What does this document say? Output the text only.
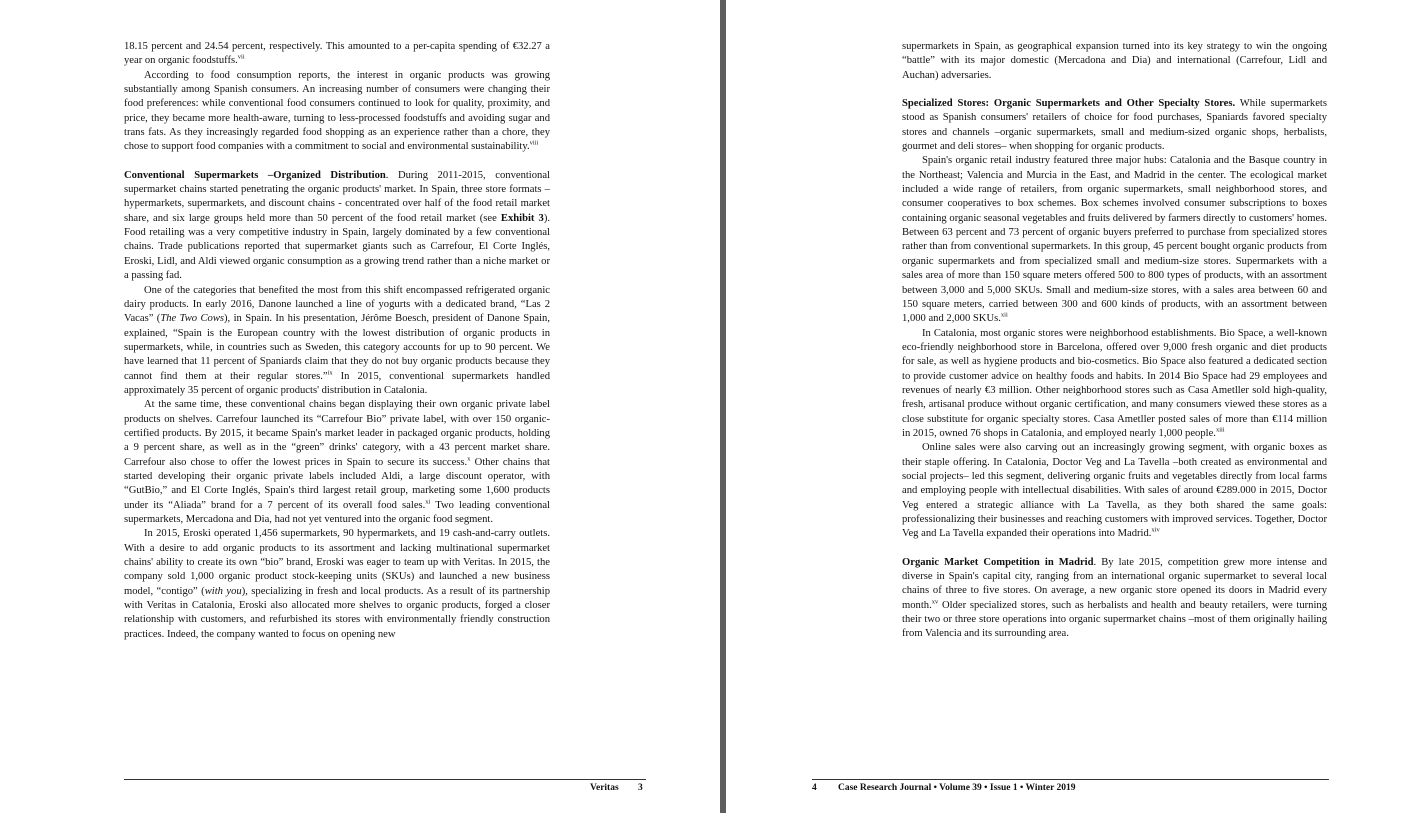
18.15 percent and 24.54 percent, respectively. This amounted to a per-capita spending of €32.27 a year on organic foodstuffs.$^{vii}$

According to food consumption reports, the interest in organic products was growing substantially among Spanish consumers. An increasing number of consumers were changing their food preferences: while conventional food consumers continued to look for quality, proximity, and price, they became more health-aware, turning to less-processed foodstuffs and avoiding sugar and trans fats. As they increasingly regarded food shopping as an experience rather than a chore, they chose to support food companies with a commitment to social and environmental sustainability.$^{viii}$

Conventional Supermarkets –Organized Distribution. During 2011-2015, conventional supermarket chains started penetrating the organic products' market. In Spain, three store formats –hypermarkets, supermarkets, and discount chains - concentrated over half of the food retail market share, and six large groups held more than 50 percent of the food retail market (see Exhibit 3). Food retailing was a very competitive industry in Spain, largely dominated by a few conventional chains. Trade publications reported that supermarket giants such as Carrefour, El Corte Inglés, Eroski, Lidl, and Aldi viewed organic consumption as a growing trend rather than a niche market or a passing fad.

One of the categories that benefited the most from this shift encompassed refrigerated organic dairy products. In early 2016, Danone launched a line of yogurts with a dedicated brand, “Las 2 Vacas” (The Two Cows), in Spain. In his presentation, Jérôme Boesch, president of Danone Spain, explained, “Spain is the European country with the lowest distribution of organic products in supermarkets, while, in countries such as Sweden, this category accounts for up to 90 percent. We have learned that 11 percent of Spaniards claim that they do not buy organic products because they cannot find them at their regular stores.”$^{ix}$ In 2015, conventional supermarkets handled approximately 35 percent of organic products' distribution in Catalonia.

At the same time, these conventional chains began displaying their own organic private label products on shelves. Carrefour launched its “Carrefour Bio” private label, with over 150 organic-certified products. By 2015, it became Spain's market leader in packaged organic products, holding a 9 percent share, as well as in the “green” drinks' category, with a 43 percent market share. Carrefour also chose to offer the lowest prices in Spain to secure its success.$^x$ Other chains that started developing their organic private labels included Aldi, a large discount operator, with “GutBio,” and El Corte Inglés, Spain's third largest retail group, marketing some 1,600 products under its “Aliada” brand for a 7 percent of its overall food sales.$^{xi}$ Two leading conventional supermarkets, Mercadona and Dia, had not yet ventured into the organic food segment.

In 2015, Eroski operated 1,456 supermarkets, 90 hypermarkets, and 19 cash-and-carry outlets. With a desire to add organic products to its assortment and lacking multinational supermarket chains' ability to create its own “bio” brand, Eroski was eager to team up with Veritas. In 2015, the company sold 1,000 organic product stock-keeping units (SKUs) and launched a new business model, “contigo” (with you), specializing in fresh and local products. As a result of its partnership with Veritas in Catalonia, Eroski also allocated more shelves to organic products, forged a closer relationship with customers, and refurbished its stores with environmentally friendly construction practices. Indeed, the company wanted to focus on opening new

Veritas 3

supermarkets in Spain, as geographical expansion turned into its key strategy to win the ongoing “battle” with its major domestic (Mercadona and Dia) and international (Carrefour, Lidl and Auchan) adversaries.

Specialized Stores: Organic Supermarkets and Other Specialty Stores. While supermarkets stood as Spanish consumers' retailers of choice for food purchases, Spaniards favored specialty stores and channels –organic supermarkets, small and medium-sized organic shops, herbalists, gourmet and deli stores– when shopping for organic products.

Spain's organic retail industry featured three major hubs: Catalonia and the Basque country in the Northeast; Valencia and Murcia in the East, and Madrid in the center. The ecological market included a wide range of retailers, from organic supermarkets, small neighborhood stores, and consumer cooperatives to box schemes. Box schemes involved consumer subscriptions to boxes containing organic seasonal vegetables and fruits delivered by farmers directly to customers' homes. Between 63 percent and 73 percent of organic buyers preferred to purchase from specialized stores rather than from conventional supermarkets. In this group, 45 percent bought organic products from organic supermarkets and from specialized small and medium-size stores. Supermarkets with a sales area of more than 150 square meters offered 500 to 800 types of products, with an assortment between 3,000 and 5,000 SKUs. Small and medium-size stores, with a sales area between 60 and 150 square meters, carried between 300 and 600 kinds of products, with an assortment between 1,000 and 2,000 SKUs.$^{xii}$

In Catalonia, most organic stores were neighborhood establishments. Bio Space, a well-known eco-friendly neighborhood store in Barcelona, offered over 9,000 fresh organic and diet products for sale, as well as hygiene products and bio-cosmetics. Bio Space also featured a dedicated section to provide customer advice on healthy foods and habits. In 2014 Bio Space had 29 employees and revenues of nearly €3 million. Other neighborhood stores such as Casa Ametller sold high-quality, fresh, artisanal produce without organic certification, and many consumers viewed these stores as a close substitute for organic specialty stores. Casa Ametller posted sales of more than €114 million in 2015, owned 76 shops in Catalonia, and employed nearly 1,000 people.$^{xiii}$

Online sales were also carving out an increasingly growing segment, with organic boxes as their staple offering. In Catalonia, Doctor Veg and La Tavella –both created as environmental and social projects– led this segment, delivering organic fruits and vegetables directly from local farms and employing people with intellectual disabilities. With sales of around €289.000 in 2015, Doctor Veg entered a strategic alliance with La Tavella, as they both shared the same goals: professionalizing their businesses and reaching customers with improved services. Together, Doctor Veg and La Tavella expanded their operations into Madrid.$^{xiv}$

Organic Market Competition in Madrid. By late 2015, competition grew more intense and diverse in Spain's capital city, ranging from an international organic supermarket to several local chains of three to five stores. On average, a new organic store opened its doors in Madrid every month.$^{xv}$ Older specialized stores, such as herbalists and health and beauty retailers, were turning their two or three store operations into organic supermarket chains –most of them originally hailing from Valencia and its surrounding area.

4 Case Research Journal • Volume 39 • Issue 1 • Winter 2019
